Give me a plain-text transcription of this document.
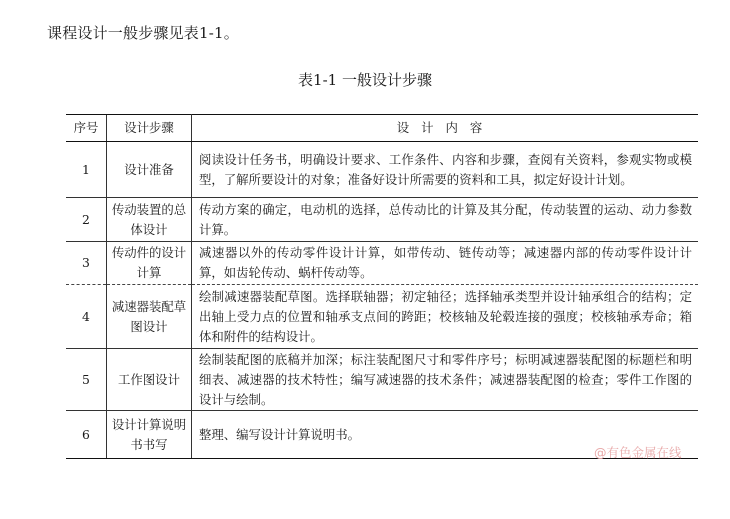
课程设计一般步骤见表1-1。
表1-1 一般设计步骤
序号	设计步骤	设计内容
1	设计准备	阅读设计任务书，明确设计要求、工作条件、内容和步骤，查阅有关资料，参观实物或模型，了解所要设计的对象；准备好设计所需要的资料和工具，拟定好设计计划。
2	传动装置的总体设计	传动方案的确定，电动机的选择，总传动比的计算及其分配，传动装置的运动、动力参数计算。
3	传动件的设计计算	减速器以外的传动零件设计计算，如带传动、链传动等；减速器内部的传动零件设计计算，如齿轮传动、蜗杆传动等。
4	减速器装配草图设计	绘制减速器装配草图。选择联轴器；初定轴径；选择轴承类型并设计轴承组合的结构；定出轴上受力点的位置和轴承支点间的跨距；校核轴及轮毂连接的强度；校核轴承寿命；箱体和附件的结构设计。
5	工作图设计	绘制装配图的底稿并加深；标注装配图尺寸和零件序号；标明减速器装配图的标题栏和明细表、减速器的技术特性；编写减速器的技术条件；减速器装配图的检查；零件工作图的设计与绘制。
6	设计计算说明书书写	整理、编写设计计算说明书。
@有色金属在线
